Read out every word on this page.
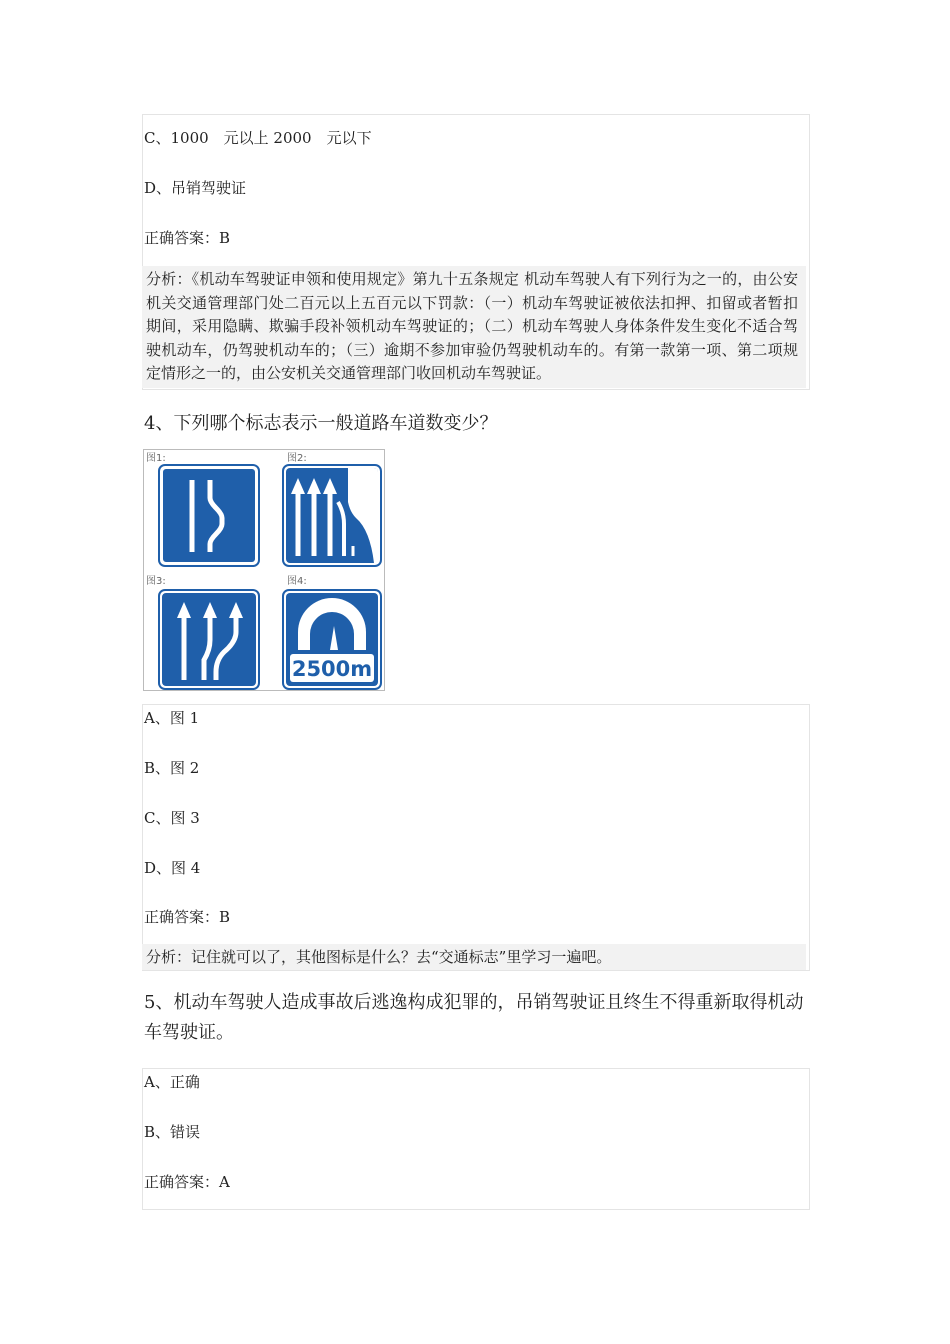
C、1000　元以上 2000　元以下
D、吊销驾驶证
正确答案：B
分析：《机动车驾驶证申领和使用规定》第九十五条规定 机动车驾驶人有下列行为之一的，由公安机关交通管理部门处二百元以上五百元以下罚款：（一）机动车驾驶证被依法扣押、扣留或者暂扣期间，采用隐瞒、欺骗手段补领机动车驾驶证的；（二）机动车驾驶人身体条件发生变化不适合驾驶机动车，仍驾驶机动车的；（三）逾期不参加审验仍驾驶机动车的。有第一款第一项、第二项规定情形之一的，由公安机关交通管理部门收回机动车驾驶证。
4、下列哪个标志表示一般道路车道数变少？
图1:	图2:
图3:	图4:
2500m
A、图 1
B、图 2
C、图 3
D、图 4
正确答案：B
分析：记住就可以了，其他图标是什么？去“交通标志”里学习一遍吧。
5、机动车驾驶人造成事故后逃逸构成犯罪的，吊销驾驶证且终生不得重新取得机动车驾驶证。
A、正确
B、错误
正确答案：A
